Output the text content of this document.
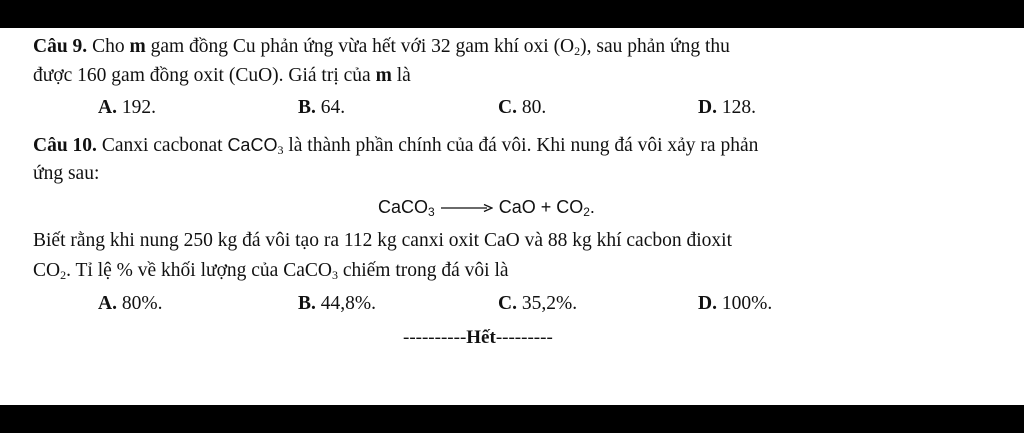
Câu 9. Cho m gam đồng Cu phản ứng vừa hết với 32 gam khí oxi $(O_2)$, sau phản ứng thu
được 160 gam đồng oxit (CuO). Giá trị của m là
A. 192.	B. 64.	C. 80.	D. 128.
Câu 10. Canxi cacbonat CaCO$_3$ là thành phần chính của đá vôi. Khi nung đá vôi xảy ra phản
ứng sau:
CaCO$_3$ → CaO + $CO_2$.
Biết rằng khi nung 250 kg đá vôi tạo ra 112 kg canxi oxit CaO và 88 kg khí cacbon đioxit
$CO_2$. Tỉ lệ % về khối lượng của CaCO$_3$ chiếm trong đá vôi là
A. 80%.	B. 44,8%.	C. 35,2%.	D. 100%.
----------Hết---------
